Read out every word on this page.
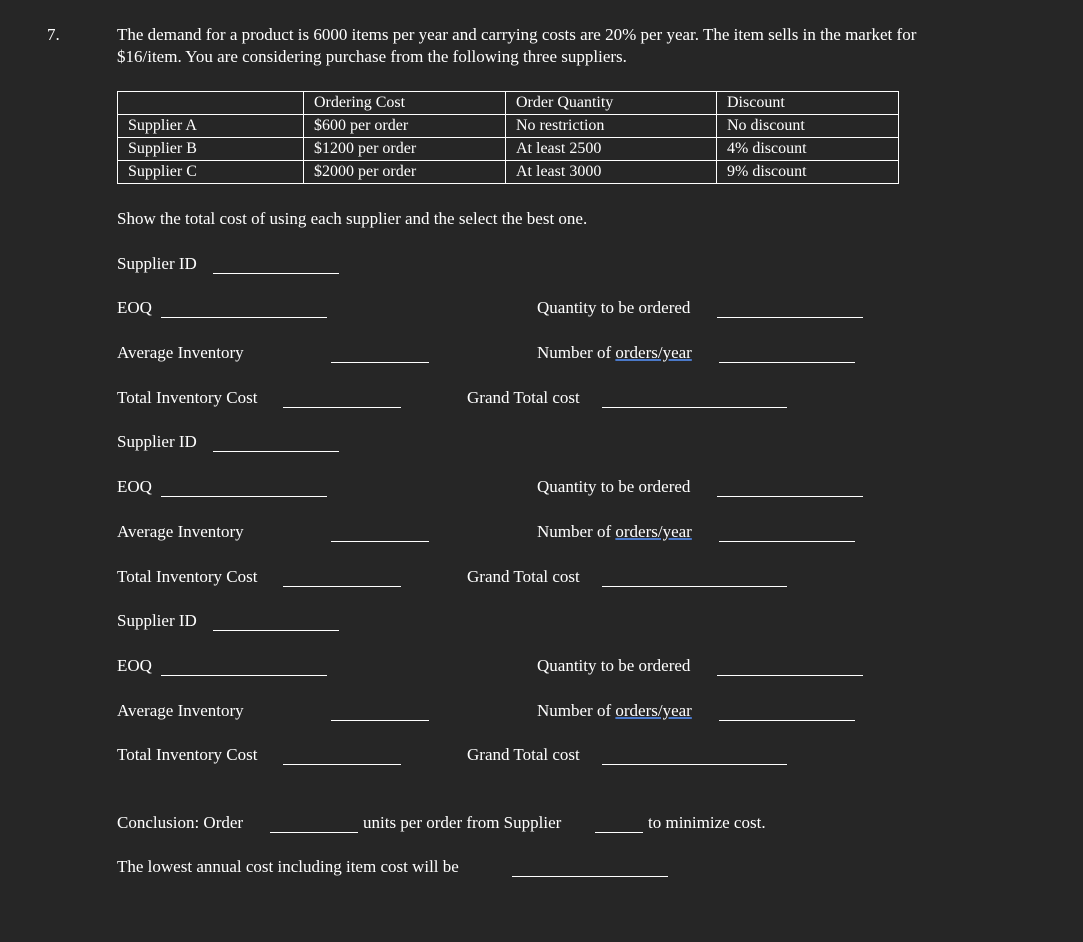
7.	The demand for a product is 6000 items per year and carrying costs are 20% per year. The item sells in the market for
$16/item. You are considering purchase from the following three suppliers.
	Ordering Cost	Order Quantity	Discount
Supplier A	$600 per order	No restriction	No discount
Supplier B	$1200 per order	At least 2500	4% discount
Supplier C	$2000 per order	At least 3000	9% discount
Show the total cost of using each supplier and the select the best one.
Supplier ID
EOQ	Quantity to be ordered
Average Inventory	Number of orders/year
Total Inventory Cost	Grand Total cost
Supplier ID
EOQ	Quantity to be ordered
Average Inventory	Number of orders/year
Total Inventory Cost	Grand Total cost
Supplier ID
EOQ	Quantity to be ordered
Average Inventory	Number of orders/year
Total Inventory Cost	Grand Total cost
Conclusion: Order	units per order from Supplier	to minimize cost.
The lowest annual cost including item cost will be
